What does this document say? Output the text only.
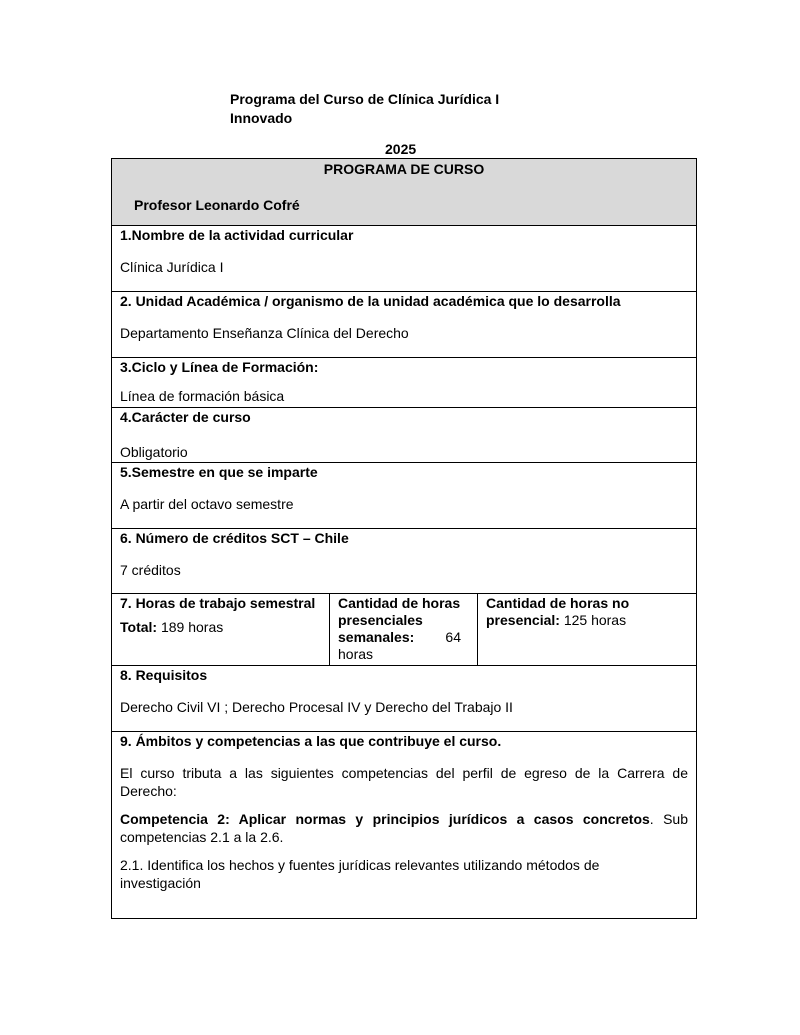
Programa del Curso de Clínica Jurídica I
Innovado
2025
PROGRAMA DE CURSO
Profesor Leonardo Cofré
1.Nombre de la actividad curricular
Clínica Jurídica I
2. Unidad Académica / organismo de la unidad académica que lo desarrolla
Departamento Enseñanza Clínica del Derecho
3.Ciclo y Línea de Formación:
Línea de formación básica
4.Carácter de curso
Obligatorio
5.Semestre en que se imparte
A partir del octavo semestre
6. Número de créditos SCT – Chile
7 créditos
7. Horas de trabajo semestral
Total: 189 horas
Cantidad de horas
presenciales
semanales: 64
horas
Cantidad de horas no
presencial: 125 horas
8. Requisitos
Derecho Civil VI ; Derecho Procesal IV y Derecho del Trabajo II
9. Ámbitos y competencias a las que contribuye el curso.
El curso tributa a las siguientes competencias del perfil de egreso de la Carrera de Derecho:
Competencia 2: Aplicar normas y principios jurídicos a casos concretos. Sub competencias 2.1 a la 2.6.
2.1. Identifica los hechos y fuentes jurídicas relevantes utilizando métodos de investigación
